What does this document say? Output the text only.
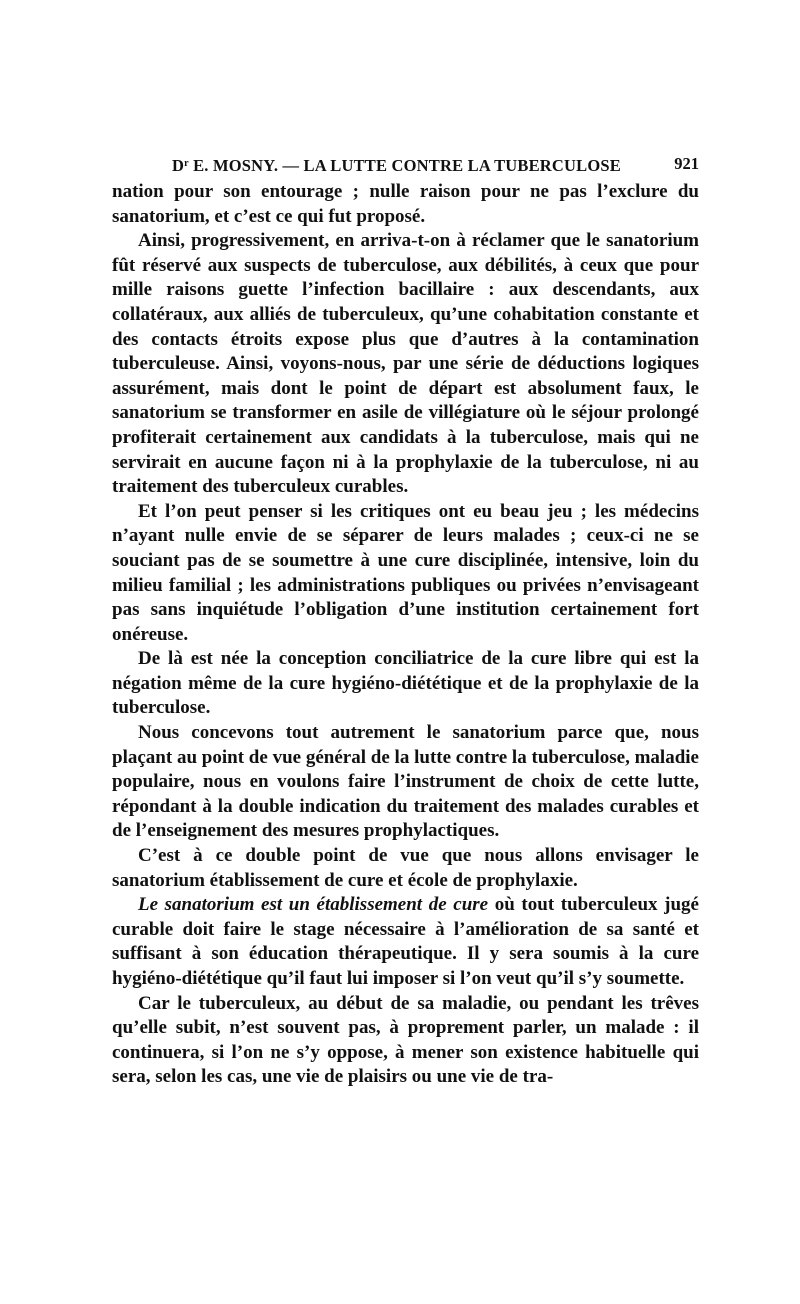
$D^r$ E. MOSNY. — LA LUTTE CONTRE LA TUBERCULOSE	921

nation pour son entourage ; nulle raison pour ne pas l’exclure du sanatorium, et c’est ce qui fut proposé.

Ainsi, progressivement, en arriva-t-on à réclamer que le sanatorium fût réservé aux suspects de tuberculose, aux débilités, à ceux que pour mille raisons guette l’infection bacillaire : aux descendants, aux collatéraux, aux alliés de tuberculeux, qu’une cohabitation constante et des contacts étroits expose plus que d’autres à la contamination tuberculeuse. Ainsi, voyons-nous, par une série de déductions logiques assurément, mais dont le point de départ est absolument faux, le sanatorium se transformer en asile de villégiature où le séjour prolongé profiterait certainement aux candidats à la tuberculose, mais qui ne servirait en aucune façon ni à la prophylaxie de la tuberculose, ni au traitement des tuberculeux curables.

Et l’on peut penser si les critiques ont eu beau jeu ; les médecins n’ayant nulle envie de se séparer de leurs malades ; ceux-ci ne se souciant pas de se soumettre à une cure disciplinée, intensive, loin du milieu familial ; les administrations publiques ou privées n’envisageant pas sans inquiétude l’obligation d’une institution certainement fort onéreuse.

De là est née la conception conciliatrice de la cure libre qui est la négation même de la cure hygiéno-diététique et de la prophylaxie de la tuberculose.

Nous concevons tout autrement le sanatorium parce que, nous plaçant au point de vue général de la lutte contre la tuberculose, maladie populaire, nous en voulons faire l’instrument de choix de cette lutte, répondant à la double indication du traitement des malades curables et de l’enseignement des mesures prophylactiques.

C’est à ce double point de vue que nous allons envisager le sanatorium établissement de cure et école de prophylaxie.

Le sanatorium est un établissement de cure où tout tuberculeux jugé curable doit faire le stage nécessaire à l’amélioration de sa santé et suffisant à son éducation thérapeutique. Il y sera soumis à la cure hygiéno-diététique qu’il faut lui imposer si l’on veut qu’il s’y soumette.

Car le tuberculeux, au début de sa maladie, ou pendant les trêves qu’elle subit, n’est souvent pas, à proprement parler, un malade : il continuera, si l’on ne s’y oppose, à mener son existence habituelle qui sera, selon les cas, une vie de plaisirs ou une vie de tra-
